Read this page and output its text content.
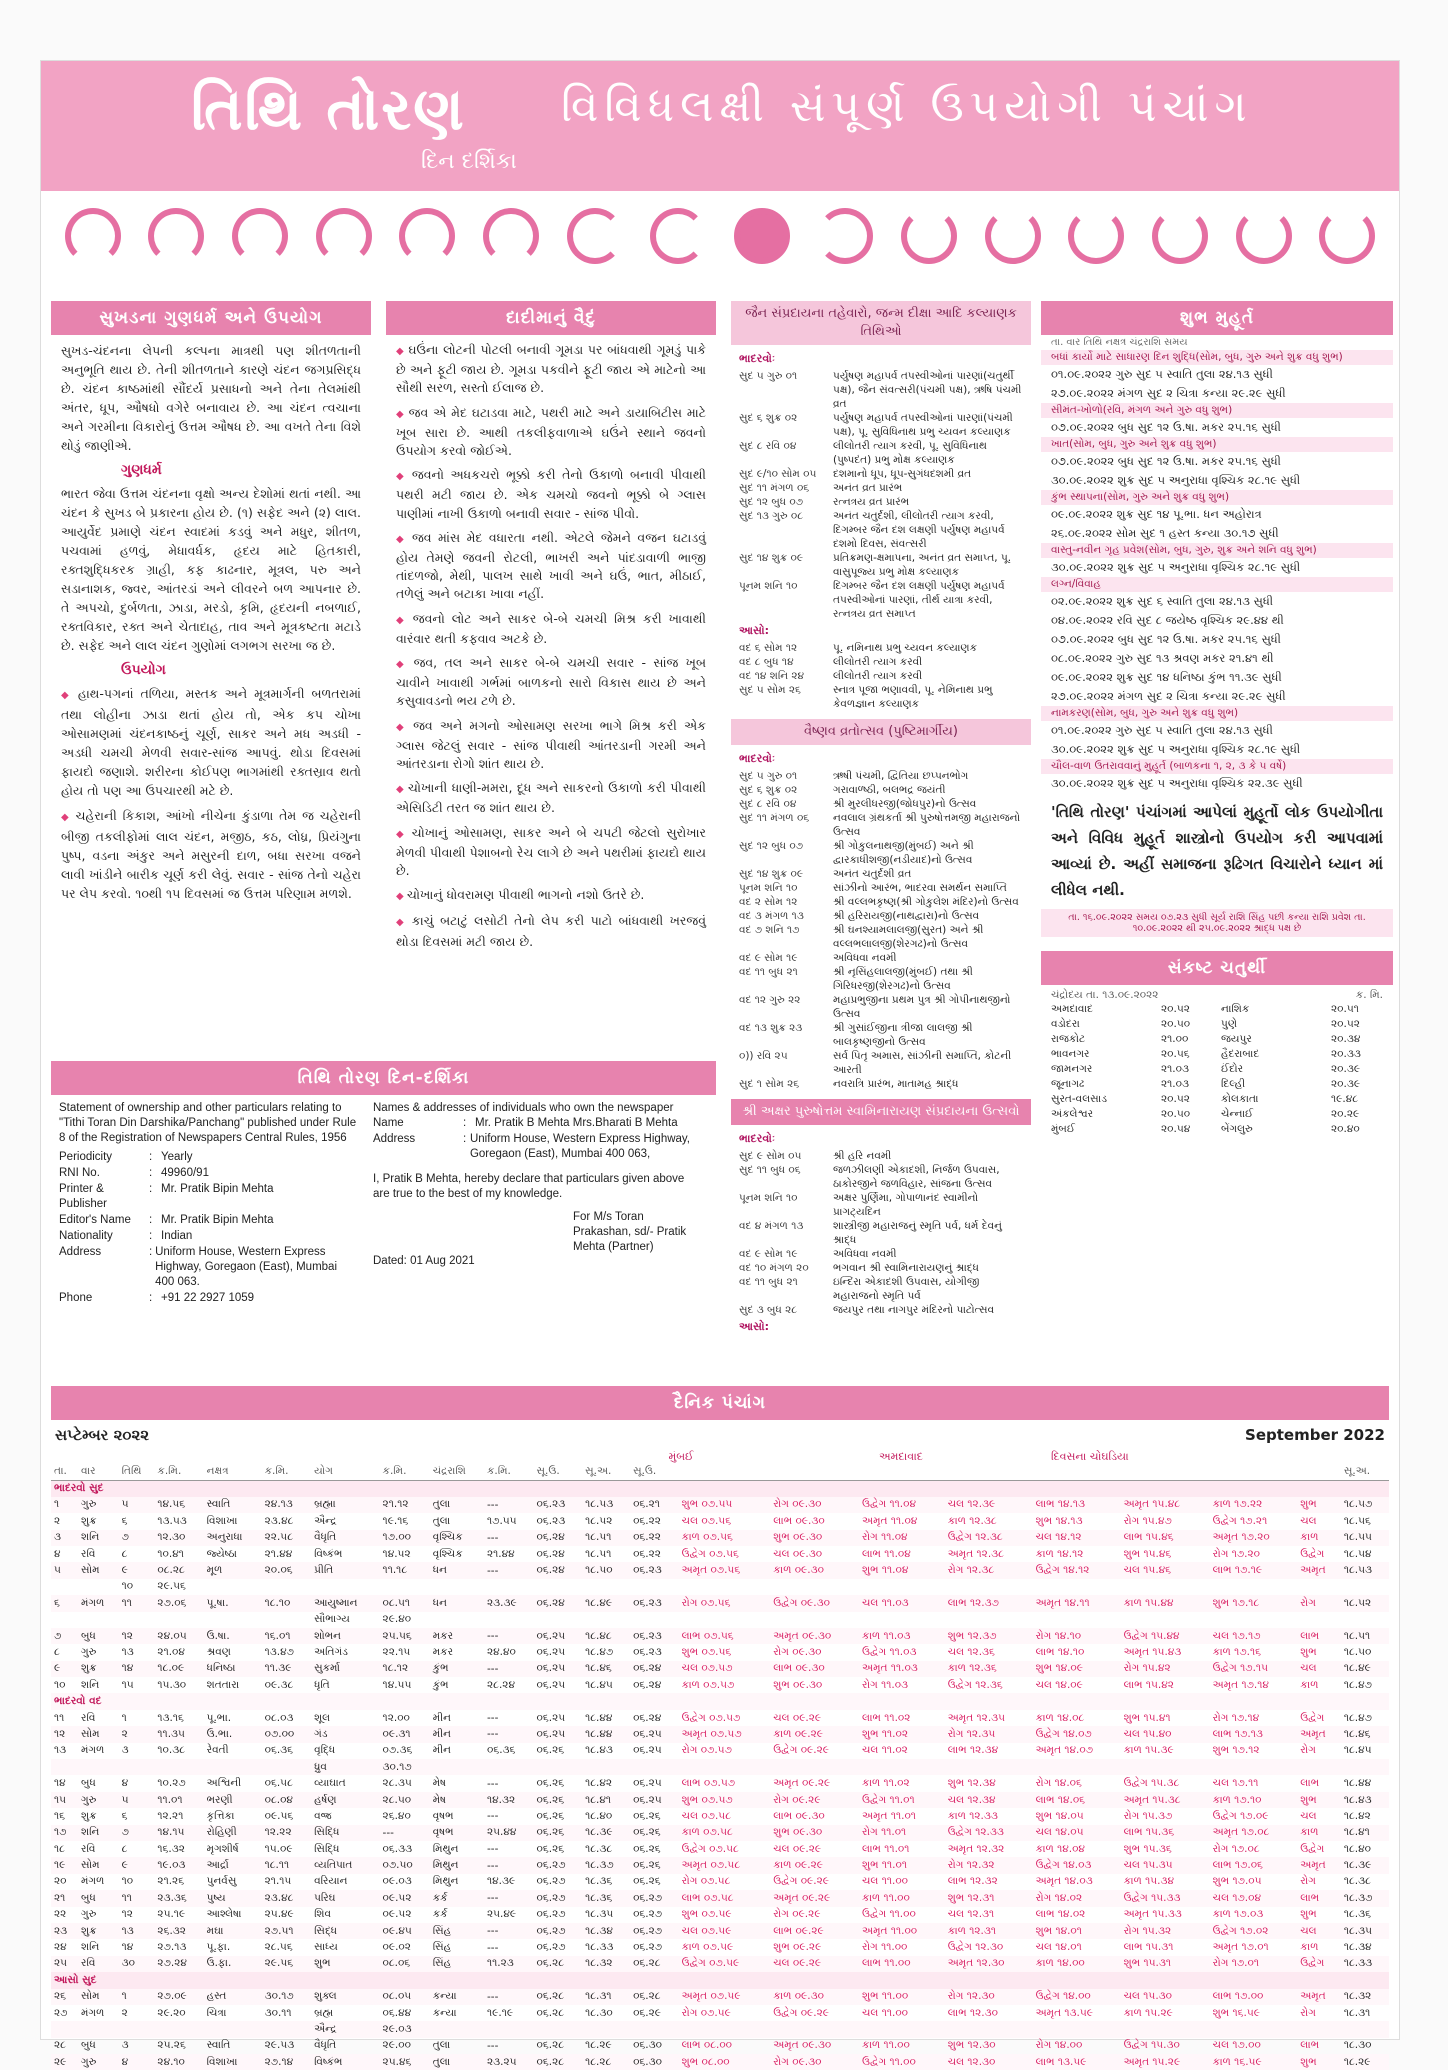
તિથિ તોરણ
દિન દર્શિકા
વિવિધલક્ષી સંપૂર્ણ ઉપયોગી પંચાંગ
સુખડના ગુણધર્મ અને ઉપયોગ

સુખડ-ચંદનના લેપની કલ્પના માત્રથી પણ શીતળતાની અનુભૂતિ થાય છે. તેની શીતળતાને કારણે ચંદન જગપ્રસિદ્ધ છે. ચંદન કાષ્ઠમાંથી સૌંદર્ય પ્રસાધનો અને તેના તેલમાંથી અંતર, ધૂપ, ઔષધો વગેરે બનાવાય છે. આ ચંદન ત્વચાના અને ગરમીના વિકારોનું ઉત્તમ ઔષધ છે. આ વખતે તેના વિશે થોડું જાણીએ.

ગુણધર્મ

ભારત જેવા ઉત્તમ ચંદનના વૃક્ષો અન્ય દેશોમાં થતાં નથી. આ ચંદન કે સુખડ બે પ્રકારના હોય છે. (૧) સફેદ અને (૨) લાલ. આયુર્વેદ પ્રમાણે ચંદન સ્વાદમાં કડવું અને મધુર, શીતળ, પચવામાં હળવું, મેધાવર્ધક, હૃદય માટે હિતકારી, રક્તશુદ્ધિકરક ગ્રાહી, કફ કાઢનાર, મૂત્રલ, પરુ અને સડાનાશક, જ્વર, આંતરડાં અને લીવરને બળ આપનાર છે. તે અપચો, દુર્બળતા, ઝાડા, મરડો, કૃમિ, હૃદયની નબળાઈ, રક્તવિકાર, રક્ત અને ચેતાદાહ, તાવ અને મૂત્રકષ્ટતા મટાડે છે. સફેદ અને લાલ ચંદન ગુણોમાં લગભગ સરખા જ છે.

ઉપયોગ

◆ હાથ-પગનાં તળિયા, મસ્તક અને મૂત્રમાર્ગની બળતરામાં તથા લોહીના ઝાડા થતાં હોય તો, એક કપ ચોખા ઓસામણમાં ચંદનકાષ્ઠનું ચૂર્ણ, સાકર અને મધ અડધી - અડધી ચમચી મેળવી સવાર-સાંજ આપવું. થોડા દિવસમાં ફાયદો જણાશે. શરીરના કોઈપણ ભાગમાંથી રક્તસ્રાવ થતો હોય તો પણ આ ઉપચારથી મટે છે.

◆ ચહેરાની કિકાશ, આંખો નીચેના કુંડાળા તેમ જ ચહેરાની બીજી તકલીફોમાં લાલ ચંદન, મજીઠ, કઠ, લોધ્ર, પ્રિયંગુના પુષ્પ, વડના અંકુર અને મસુરની દાળ, બધા સરખા વજને લાવી ખાંડીને બારીક ચૂર્ણ કરી લેવું. સવાર - સાંજ તેનો ચહેરા પર લેપ કરવો. ૧૦થી ૧૫ દિવસમાં જ ઉત્તમ પરિણામ મળશે.

દાદીમાનું વૈદું

◆ ઘઉંના લોટની પોટલી બનાવી ગૂમડા પર બાંધવાથી ગૂમડું પાકે છે અને ફૂટી જાય છે. ગૂમડા પકવીને ફૂટી જાય એ માટેનો આ સૌથી સરળ, સસ્તો ઈલાજ છે.

◆ જવ એ મેદ ઘટાડવા માટે, પથરી માટે અને ડાયાબિટીસ માટે ખૂબ સારા છે. આથી તકલીફવાળાએ ઘઉંને સ્થાને જવનો ઉપયોગ કરવો જોઈએ.

◆ જવનો અધકચરો ભૂક્કો કરી તેનો ઉકાળો બનાવી પીવાથી પથરી મટી જાય છે. એક ચમચો જવનો ભૂક્કો બે ગ્લાસ પાણીમાં નાખી ઉકાળો બનાવી સવાર - સાંજ પીવો.

◆ જવ માંસ મેદ વધારતા નથી. એટલે જેમને વજન ઘટાડવું હોય તેમણે જવની રોટલી, ભાખરી અને પાંદડાવાળી ભાજી તાંદળજો, મેથી, પાલખ સાથે ખાવી અને ઘઉં, ભાત, મીઠાઈ, તળેલું અને બટાકા ખાવા નહીં.

◆ જવનો લોટ અને સાકર બે-બે ચમચી મિશ્ર કરી ખાવાથી વારંવાર થતી કફવાવ અટકે છે.

◆ જવ, તલ અને સાકર બે-બે ચમચી સવાર - સાંજ ખૂબ ચાવીને ખાવાથી ગર્ભમાં બાળકનો સારો વિકાસ થાય છે અને કસુવાવડનો ભય ટળે છે.

◆ જવ અને મગનો ઓસામણ સરખા ભાગે મિશ્ર કરી એક ગ્લાસ જેટલું સવાર - સાંજ પીવાથી આંતરડાની ગરમી અને આંતરડાના રોગો શાંત થાય છે.

◆ ચોખાની ધાણી-મમરા, દૂધ અને સાકરનો ઉકાળો કરી પીવાથી એસિડિટી તરત જ શાંત થાય છે.

◆ ચોખાનું ઓસામણ, સાકર અને બે ચપટી જેટલો સુરોખાર મેળવી પીવાથી પેશાબનો રેચ લાગે છે અને પથરીમાં ફાયદો થાય છે.

◆ ચોખાનું ધોવરામણ પીવાથી ભાગનો નશો ઉતરે છે.

◆ કાચું બટાટું લસોટી તેનો લેપ કરી પાટો બાંધવાથી ખરજવું થોડા દિવસમાં મટી જાય છે.

તિથિ તોરણ દિન-દર્શિકા
Statement of ownership and other particulars relating to "Tithi Toran Din Darshika/Panchang" published under Rule 8 of the Registration of Newspapers Central Rules, 1956
Periodicity	: Yearly
RNI No.	: 49960/91
Printer & Publisher
: Mr. Pratik Bipin Mehta
Editor's Name	: Mr. Pratik Bipin Mehta
Nationality	: Indian
Address	: Uniform House, Western Express Highway, Goregaon (East), Mumbai 400 063.
Phone	: +91 22 2927 1059
Names & addresses of individuals who own the newspaper
Name	: Mr. Pratik B Mehta Mrs.Bharati B Mehta
Address	: Uniform House, Western Express Highway, Goregaon (East), Mumbai 400 063,
I, Pratik B Mehta, hereby declare that particulars given above are true to the best of my knowledge.
Dated: 01 Aug 2021
For M/s Toran Prakashan, sd/- Pratik Mehta (Partner)
જૈન સંપ્રદાયના તહેવારો, જન્મ દીક્ષા આદિ કલ્યાણક તિથિઓ
ભાદરવોઃ
સુદ ૫ ગુરુ ૦૧	પર્યુષણ મહાપર્વ તપસ્વીઓનાં પારણાં(ચતુર્થી પક્ષ), જૈન સંવત્સરી(પંચમી પક્ષ), ઋષિ પંચમી વ્રત
સુદ ૬ શુક્ર ૦૨	પર્યુષણ મહાપર્વ તપસ્વીઓનાં પારણાં(પંચમી પક્ષ), પૂ. સુવિધિનાથ પ્રભુ ચ્યવન કલ્યાણક
સુદ ૮ રવિ ૦૪	લીલોતરી ત્યાગ કરવી, પૂ. સુવિધિનાથ (પુષ્પદંત) પ્રભુ મોક્ષ કલ્યાણક
સુદ ૯/૧૦ સોમ ૦૫	દશમાનો ધૂપ, ધૂપ-સુગંધદશમી વ્રત
સુદ ૧૧ મંગળ ૦૬	અનંત વ્રત પ્રારંભ
સુદ ૧૨ બુધ ૦૭	રત્નત્રય વ્રત પ્રારંભ
સુદ ૧૩ ગુરુ ૦૮	અનંત ચતુર્દશી, લીલોતરી ત્યાગ કરવી, દિગમ્બર જૈન દશ લક્ષણી પર્યુષણ મહાપર્વ દશમો દિવસ, સંવત્સરી
સુદ ૧૪ શુક્ર ૦૯	પ્રતિક્રમણ-ક્ષમાપના, અનંત વ્રત સમાપ્ત, પૂ. વાસુપૂજ્ય પ્રભુ મોક્ષ કલ્યાણક
પૂનમ શનિ ૧૦	દિગમ્બર જૈન દશ લક્ષણી પર્યુષણ મહાપર્વ તપસ્વીઓનાં પારણાં, તીર્થ યાત્રા કરવી, રત્નત્રય વ્રત સમાપ્ત
આસો:
વદ ૬ સોમ ૧૨	પૂ. નમિનાથ પ્રભુ ચ્યવન કલ્યાણક
વદ ૮ બુધ ૧૪	લીલોતરી ત્યાગ કરવી
વદ ૧૪ શનિ ૨૪	લીલોતરી ત્યાગ કરવી
સુદ ૫ સોમ ૨૬	સ્નાત્ર પૂજા ભણાવવી, પૂ. નેમિનાથ પ્રભુ કેવળજ્ઞાન કલ્યાણક
વૈષ્ણવ વ્રતોત્સવ (પુષ્ટિમાર્ગીય)
ભાદરવોઃ
સુદ ૫ ગુરુ ૦૧	ઋષી પંચમી, દ્વિતિયા છપ્પનભોગ
સુદ ૬ શુક્ર ૦૨	ગરાવાળ્ષ્ઠી, બલભદ્ર જયંતી
સુદ ૮ રવિ ૦૪	શ્રી મુરલીધરજી(જોધપુર)નો ઉત્સવ
સુદ ૧૧ મંગળ ૦૬	નવલાલ ગ્રંથકર્તા શ્રી પુરુષોત્તમજી મહારાજનો ઉત્સવ
સુદ ૧૨ બુધ ૦૭	શ્રી ગોકુલનાથજી(મુંબઈ) અને શ્રી દ્વારકાધીશજી(નડીયાદ)નો ઉત્સવ
સુદ ૧૪ શુક્ર ૦૯	અનંત ચતુર્દશી વ્રત
પૂનમ શનિ ૧૦	સાંઝીનો આરંભ, ભાદરવા સમર્થન સમાપ્તિ
વદ ૨ સોમ ૧૨	શ્રી વલ્લભકૃષ્ણ(શ્રી ગોકુલેશ મંદિર)નો ઉત્સવ
વદ ૩ મંગળ ૧૩	શ્રી હરિરાયજી(નાથદ્વારા)નો ઉત્સવ
વદ ૭ શનિ ૧૭	શ્રી ઘનશ્યામલાલજી(સુરત) અને શ્રી વલ્લભલાલજી(શેરગઢ)નો ઉત્સવ
વદ ૯ સોમ ૧૯	અવિધવા નવમી
વદ ૧૧ બુધ ૨૧	શ્રી નૃસિંહલાલજી(મુંબઈ) તથા શ્રી ગિરિધરજી(શેરગઢ)નો ઉત્સવ
વદ ૧૨ ગુરુ ૨૨	મહાપ્રભુજીના પ્રથમ પુત્ર શ્રી ગોપીનાથજીનો ઉત્સવ
વદ ૧૩ શુક્ર ૨૩	શ્રી ગુસાંઈજીના ત્રીજા લાલજી શ્રી બાલકૃષ્ણજીનો ઉત્સવ
૦)) રવિ ૨૫	સર્વ પિતૃ અમાસ, સાંઝીની સમાપ્તિ, કોટની આરતી
સુદ ૧ સોમ ૨૬	નવરાત્રિ પ્રારંભ, માતામહ શ્રાદ્ધ
શ્રી અક્ષર પુરુષોત્તમ સ્વામિનારાયણ સંપ્રદાયના ઉત્સવો
ભાદરવોઃ
સુદ ૯ સોમ ૦૫	શ્રી હરિ નવમી
સુદ ૧૧ બુધ ૦૬	જળઝીલણી એકાદશી, નિર્જળ ઉપવાસ, ઠાકોરજીને જળવિહાર, સાંજના ઉત્સવ
પૂનમ શનિ ૧૦	અક્ષર પુર્ણિમા, ગોપાળાનંદ સ્વામીનો પ્રાગટ્યદિન
વદ ૪ મંગળ ૧૩	શાસ્ત્રીજી મહારાજનું સ્મૃતિ પર્વ, ધર્મ દેવનું શ્રાદ્ધ
વદ ૯ સોમ ૧૯	અવિધવા નવમી
વદ ૧૦ મંગળ ૨૦	ભગવાન શ્રી સ્વામિનારાયણનું શ્રાદ્ધ
વદ ૧૧ બુધ ૨૧	ઇન્દિરા એકાદશી ઉપવાસ, યોગીજી મહારાજનો સ્મૃતિ પર્વ
સુદ ૩ બુધ ૨૮	જયપુર તથા નાગપુર મંદિરનો પાટોત્સવ
આસો:
શુભ મુહૂર્ત
તા. વાર તિથિ નક્ષત્ર ચંદ્રરાશિ સમય
બધાં કાર્યો માટે સાધારણ દિન શુદ્ધિ(સોમ, બુધ, ગુરુ અને શુક્ર વધુ શુભ)
૦૧.૦૯.૨૦૨૨ ગુરુ સુદ ૫ સ્વાતિ તુલા ૨૪.૧૩ સુધી
૨૭.૦૯.૨૦૨૨ મંગળ સુદ ૨ ચિત્રા કન્યા ૨૯.૨૯ સુધી
સીમંત-ખોળો(રવિ, મંગળ અને ગુરુ વધુ શુભ)
૦૭.૦૯.૨૦૨૨ બુધ સુદ ૧૨ ઉ.ષા. મકર ૨૫.૧૬ સુધી
ખાત(સોમ, બુધ, ગુરુ અને શુક્ર વધુ શુભ)
૦૭.૦૯.૨૦૨૨ બુધ સુદ ૧૨ ઉ.ષા. મકર ૨૫.૧૬ સુધી
૩૦.૦૯.૨૦૨૨ શુક્ર સુદ ૫ અનુરાધા વૃશ્ચિક ૨૮.૧૯ સુધી
કુંભ સ્થાપના(સોમ, ગુરુ અને શુક્ર વધુ શુભ)
૦૯.૦૯.૨૦૨૨ શુક્ર સુદ ૧૪ પૂ.ભા. ધન અહોરાત્ર
૨૬.૦૯.૨૦૨૨ સોમ સુદ ૧ હસ્ત કન્યા ૩૦.૧૭ સુધી
વાસ્તુ-નવીન ગૃહ પ્રવેશ(સોમ, બુધ, ગુરુ, શુક્ર અને શનિ વધુ શુભ)
૩૦.૦૯.૨૦૨૨ શુક્ર સુદ ૫ અનુરાધા વૃશ્ચિક ૨૮.૧૯ સુધી
લગ્ન/વિવાહ
૦૨.૦૯.૨૦૨૨ શુક્ર સુદ ૬ સ્વાતિ તુલા ૨૪.૧૩ સુધી
૦૪.૦૯.૨૦૨૨ રવિ સુદ ૮ જયેષ્ઠ વૃશ્ચિક ૨૯.૪૪ થી
૦૭.૦૯.૨૦૨૨ બુધ સુદ ૧૨ ઉ.ષા. મકર ૨૫.૧૬ સુધી
૦૮.૦૯.૨૦૨૨ ગુરુ સુદ ૧૩ શ્રવણ મકર ૨૧.૪૧ થી
૦૯.૦૯.૨૦૨૨ શુક્ર સુદ ૧૪ ધનિષ્ઠા કુંભ ૧૧.૩૯ સુધી
૨૭.૦૯.૨૦૨૨ મંગળ સુદ ૨ ચિત્રા કન્યા ૨૯.૨૯ સુધી
નામકરણ(સોમ, બુધ, ગુરુ અને શુક્ર વધુ શુભ)
૦૧.૦૯.૨૦૨૨ ગુરુ સુદ ૫ સ્વાતિ તુલા ૨૪.૧૩ સુધી
૩૦.૦૯.૨૦૨૨ શુક્ર સુદ ૫ અનુરાધા વૃશ્ચિક ૨૮.૧૯ સુધી
ચૌલ-વાળ ઉતરાવવાનું મુહૂર્ત (બાળકના ૧, ૨, ૩ કે ૫ વર્ષે)
૩૦.૦૯.૨૦૨૨ શુક્ર સુદ ૫ અનુરાધા વૃશ્ચિક ૨૨.૩૯ સુધી
'તિથિ તોરણ' પંચાંગમાં આપેલાં મુહૂર્તો લોક ઉપયોગીતા અને વિવિધ મુહૂર્ત શાસ્ત્રોનો ઉપયોગ કરી આપવામાં આવ્યાં છે. અહીં સમાજના રૂઢિગત વિચારોને ધ્યાન માં લીધેલ નથી.
તા. ૧૬.૦૯.૨૦૨૨ સમય ૦૭.૨૩ સુધી સૂર્ય રાશિ સિંહ પછી કન્યા રાશિ પ્રવેશ તા. ૧૦.૦૯.૨૦૨૨ થી ૨૫.૦૯.૨૦૨૨ શ્રાદ્ધ પક્ષ છે
સંકષ્ટ ચતુર્થી
ચંદ્રોદય તા. ૧૩.૦૯.૨૦૨૨	ક. મિ.
અમદાવાદ	૨૦.૫૨	નાશિક	૨૦.૫૧
વડોદરા	૨૦.૫૦	પુણે	૨૦.૫૨
રાજકોટ	૨૧.૦૦	જયપુર	૨૦.૩૪
ભાવનગર	૨૦.૫૬	હૈદરાબાદ	૨૦.૩૩
જામનગર	૨૧.૦૩	ઈંદોર	૨૦.૩૯
જૂનાગઢ	૨૧.૦૩	દિલ્હી	૨૦.૩૯
સુરત-વલસાડ	૨૦.૫૨	કોલકાતા	૧૯.૪૮
અંકલેશ્વર	૨૦.૫૦	ચેન્નાઈ	૨૦.૨૯
મુંબઈ	૨૦.૫૪	બેંગલુરુ	૨૦.૪૦
દૈનિક પંચાંગ
સપ્ટેમ્બર ૨૦૨૨	September 2022
મુંબઈ	અમદાવાદ	દિવસના ચોઘડિયા
તા.	વાર	તિથિ	ક.મિ.	નક્ષત્ર	ક.મિ.	યોગ	ક.મિ.	ચંદ્રરાશિ	ક.મિ.	સૂ.ઉ.	સૂ.અ.	સૂ.ઉ.									સૂ.અ.
ભાદરવો સુદ																					
૧	ગુરુ	૫	૧૪.૫૬	સ્વાતિ	૨૪.૧૩	બ્રહ્મા	૨૧.૧૨	તુલા	---	૦૬.૨૩	૧૮.૫૩	૦૬.૨૧	શુભ ૦૭.૫૫	રોગ ૦૯.૩૦	ઉદ્વેગ ૧૧.૦૪	ચલ ૧૨.૩૯	લાભ ૧૪.૧૩	અમૃત ૧૫.૪૮	કાળ ૧૭.૨૨	શુભ	૧૮.૫૭
૨	શુક્ર	૬	૧૩.૫૩	વિશાખા	૨૩.૪૮	ઐન્દ્ર	૧૯.૧૬	તુલા	૧૭.૫૫	૦૬.૨૩	૧૮.૫૨	૦૬.૨૨	ચલ ૦૭.૫૬	લાભ ૦૯.૩૦	અમૃત ૧૧.૦૪	કાળ ૧૨.૩૮	શુભ ૧૪.૧૩	રોગ ૧૫.૪૭	ઉદ્વેગ ૧૭.૨૧	ચલ	૧૮.૫૬
૩	શનિ	૭	૧૨.૩૦	અનુરાધા	૨૨.૫૮	વૈધૃતિ	૧૭.૦૦	વૃશ્ચિક	---	૦૬.૨૪	૧૮.૫૧	૦૬.૨૨	કાળ ૦૭.૫૬	શુભ ૦૯.૩૦	રોગ ૧૧.૦૪	ઉદ્વેગ ૧૨.૩૮	ચલ ૧૪.૧૨	લાભ ૧૫.૪૬	અમૃત ૧૭.૨૦	કાળ	૧૮.૫૫
૪	રવિ	૮	૧૦.૪૧	જ્યેષ્ઠા	૨૧.૪૪	વિષ્કંભ	૧૪.૫૨	વૃશ્ચિક	૨૧.૪૪	૦૬.૨૪	૧૮.૫૧	૦૬.૨૨	ઉદ્વેગ ૦૭.૫૬	ચલ ૦૯.૩૦	લાભ ૧૧.૦૪	અમૃત ૧૨.૩૮	કાળ ૧૪.૧૨	શુભ ૧૫.૪૬	રોગ ૧૭.૨૦	ઉદ્વેગ	૧૮.૫૪
૫	સોમ	૯	૦૮.૨૮	મૂળ	૨૦.૦૬	પ્રીતિ	૧૧.૧૮	ધન	---	૦૬.૨૪	૧૮.૫૦	૦૬.૨૩	અમૃત ૦૭.૫૬	કાળ ૦૯.૩૦	શુભ ૧૧.૦૪	રોગ ૧૨.૩૮	ઉદ્વેગ ૧૪.૧૨	ચલ ૧૫.૪૬	લાભ ૧૭.૧૯	અમૃત	૧૮.૫૩
		૧૦	૨૯.૫૬																		
૬	મંગળ	૧૧	૨૭.૦૬	પૂ.ષા.	૧૮.૧૦	આયુષ્માન	૦૮.૫૧	ધન	૨૩.૩૯	૦૬.૨૪	૧૮.૪૯	૦૬.૨૩	રોગ ૦૭.૫૬	ઉદ્વેગ ૦૯.૩૦	ચલ ૧૧.૦૩	લાભ ૧૨.૩૭	અમૃત ૧૪.૧૧	કાળ ૧૫.૪૪	શુભ ૧૭.૧૮	રોગ	૧૮.૫૨
						સૌભાગ્ય	૨૯.૪૦														
૭	બુધ	૧૨	૨૪.૦૫	ઉ.ષા.	૧૬.૦૧	શોભન	૨૫.૫૬	મકર	---	૦૬.૨૫	૧૮.૪૮	૦૬.૨૩	લાભ ૦૭.૫૬	અમૃત ૦૯.૩૦	કાળ ૧૧.૦૩	શુભ ૧૨.૩૭	રોગ ૧૪.૧૦	ઉદ્વેગ ૧૫.૪૪	ચલ ૧૭.૧૭	લાભ	૧૮.૫૧
૮	ગુરુ	૧૩	૨૧.૦૪	શ્રવણ	૧૩.૪૭	અતિગંડ	૨૨.૧૫	મકર	૨૪.૪૦	૦૬.૨૫	૧૮.૪૭	૦૬.૨૩	શુભ ૦૭.૫૬	રોગ ૦૯.૩૦	ઉદ્વેગ ૧૧.૦૩	ચલ ૧૨.૩૬	લાભ ૧૪.૧૦	અમૃત ૧૫.૪૩	કાળ ૧૭.૧૬	શુભ	૧૮.૫૦
૯	શુક્ર	૧૪	૧૮.૦૯	ધનિષ્ઠા	૧૧.૩૯	સુકર્મા	૧૮.૧૨	કુંભ	---	૦૬.૨૫	૧૮.૪૬	૦૬.૨૪	ચલ ૦૭.૫૭	લાભ ૦૯.૩૦	અમૃત ૧૧.૦૩	કાળ ૧૨.૩૬	શુભ ૧૪.૦૯	રોગ ૧૫.૪૨	ઉદ્વેગ ૧૭.૧૫	ચલ	૧૮.૪૯
૧૦	શનિ	૧૫	૧૫.૩૦	શતતારા	૦૯.૩૮	ધૃતિ	૧૪.૫૫	કુંભ	૨૮.૨૪	૦૬.૨૫	૧૮.૪૫	૦૬.૨૪	કાળ ૦૭.૫૭	શુભ ૦૯.૩૦	રોગ ૧૧.૦૩	ઉદ્વેગ ૧૨.૩૬	ચલ ૧૪.૦૯	લાભ ૧૫.૪૨	અમૃત ૧૭.૧૪	કાળ	૧૮.૪૭
ભાદરવો વદ																					
૧૧	રવિ	૧	૧૩.૧૬	પૂ.ભા.	૦૮.૦૩	શૂલ	૧૨.૦૦	મીન	---	૦૬.૨૫	૧૮.૪૪	૦૬.૨૪	ઉદ્વેગ ૦૭.૫૭	ચલ ૦૯.૨૯	લાભ ૧૧.૦૨	અમૃત ૧૨.૩૫	કાળ ૧૪.૦૮	શુભ ૧૫.૪૧	રોગ ૧૭.૧૪	ઉદ્વેગ	૧૮.૪૭
૧૨	સોમ	૨	૧૧.૩૫	ઉ.ભા.	૦૭.૦૦	ગંડ	૦૯.૩૧	મીન	---	૦૬.૨૫	૧૮.૪૪	૦૬.૨૫	અમૃત ૦૭.૫૭	કાળ ૦૯.૨૯	શુભ ૧૧.૦૨	રોગ ૧૨.૩૫	ઉદ્વેગ ૧૪.૦૭	ચલ ૧૫.૪૦	લાભ ૧૭.૧૩	અમૃત	૧૮.૪૬
૧૩	મંગળ	૩	૧૦.૩૮	રેવતી	૦૬.૩૬	વૃદ્ધિ	૦૭.૩૬	મીન	૦૬.૩૬	૦૬.૨૬	૧૮.૪૩	૦૬.૨૫	રોગ ૦૭.૫૭	ઉદ્વેગ ૦૯.૨૯	ચલ ૧૧.૦૨	લાભ ૧૨.૩૪	અમૃત ૧૪.૦૭	કાળ ૧૫.૩૯	શુભ ૧૭.૧૨	રોગ	૧૮.૪૫
						ધ્રુવ	૩૦.૧૭														
૧૪	બુધ	૪	૧૦.૨૭	અશ્વિની	૦૬.૫૮	વ્યાઘાત	૨૮.૩૫	મેષ	---	૦૬.૨૬	૧૮.૪૨	૦૬.૨૫	લાભ ૦૭.૫૭	અમૃત ૦૯.૨૯	કાળ ૧૧.૦૨	શુભ ૧૨.૩૪	રોગ ૧૪.૦૬	ઉદ્વેગ ૧૫.૩૮	ચલ ૧૭.૧૧	લાભ	૧૮.૪૪
૧૫	ગુરુ	૫	૧૧.૦૧	ભરણી	૦૮.૦૪	હર્ષણ	૨૮.૫૦	મેષ	૧૪.૩૨	૦૬.૨૬	૧૮.૪૧	૦૬.૨૫	શુભ ૦૭.૫૭	રોગ ૦૯.૨૯	ઉદ્વેગ ૧૧.૦૧	ચલ ૧૨.૩૪	લાભ ૧૪.૦૬	અમૃત ૧૫.૩૮	કાળ ૧૭.૧૦	શુભ	૧૮.૪૩
૧૬	શુક્ર	૬	૧૨.૨૧	કૃત્તિકા	૦૯.૫૬	વજ્ર	૨૬.૪૦	વૃષભ	---	૦૬.૨૬	૧૮.૪૦	૦૬.૨૬	ચલ ૦૭.૫૮	લાભ ૦૯.૩૦	અમૃત ૧૧.૦૧	કાળ ૧૨.૩૩	શુભ ૧૪.૦૫	રોગ ૧૫.૩૭	ઉદ્વેગ ૧૭.૦૯	ચલ	૧૮.૪૨
૧૭	શનિ	૭	૧૪.૧૫	રોહિણી	૧૨.૨૨	સિદ્ધિ	---	વૃષભ	૨૫.૪૪	૦૬.૨૬	૧૮.૩૯	૦૬.૨૬	કાળ ૦૭.૫૮	શુભ ૦૯.૩૦	રોગ ૧૧.૦૧	ઉદ્વેગ ૧૨.૩૩	ચલ ૧૪.૦૫	લાભ ૧૫.૩૬	અમૃત ૧૭.૦૮	કાળ	૧૮.૪૧
૧૮	રવિ	૮	૧૬.૩૨	મૃગશીર્ષ	૧૫.૦૯	સિદ્ધિ	૦૬.૩૩	મિથુન	---	૦૬.૨૬	૧૮.૩૮	૦૬.૨૬	ઉદ્વેગ ૦૭.૫૮	ચલ ૦૯.૨૯	લાભ ૧૧.૦૧	અમૃત ૧૨.૩૨	કાળ ૧૪.૦૪	શુભ ૧૫.૩૬	રોગ ૧૭.૦૮	ઉદ્વેગ	૧૮.૪૦
૧૯	સોમ	૯	૧૯.૦૩	આર્દ્રા	૧૮.૧૧	વ્યતિપાત	૦૭.૫૦	મિથુન	---	૦૬.૨૭	૧૮.૩૭	૦૬.૨૬	અમૃત ૦૭.૫૮	કાળ ૦૯.૨૯	શુભ ૧૧.૦૧	રોગ ૧૨.૩૨	ઉદ્વેગ ૧૪.૦૩	ચલ ૧૫.૩૫	લાભ ૧૭.૦૬	અમૃત	૧૮.૩૯
૨૦	મંગળ	૧૦	૨૧.૨૬	પુનર્વસુ	૨૧.૧૫	વરિયાન	૦૯.૦૩	મિથુન	૧૪.૩૯	૦૬.૨૭	૧૮.૩૬	૦૬.૨૬	રોગ ૦૭.૫૮	ઉદ્વેગ ૦૯.૨૯	ચલ ૧૧.૦૦	લાભ ૧૨.૩૨	અમૃત ૧૪.૦૩	કાળ ૧૫.૩૪	શુભ ૧૭.૦૫	રોગ	૧૮.૩૮
૨૧	બુધ	૧૧	૨૩.૩૬	પુષ્ય	૨૩.૪૮	પરિઘ	૦૯.૫૨	કર્ક	---	૦૬.૨૭	૧૮.૩૬	૦૬.૨૭	લાભ ૦૭.૫૮	અમૃત ૦૯.૨૯	કાળ ૧૧.૦૦	શુભ ૧૨.૩૧	રોગ ૧૪.૦૨	ઉદ્વેગ ૧૫.૩૩	ચલ ૧૭.૦૪	લાભ	૧૮.૩૭
૨૨	ગુરુ	૧૨	૨૫.૧૯	આશ્લેષા	૨૫.૪૯	શિવ	૦૯.૫૨	કર્ક	૨૫.૪૯	૦૬.૨૭	૧૮.૩૫	૦૬.૨૭	શુભ ૦૭.૫૯	રોગ ૦૯.૨૯	ઉદ્વેગ ૧૧.૦૦	ચલ ૧૨.૩૧	લાભ ૧૪.૦૨	અમૃત ૧૫.૩૩	કાળ ૧૭.૦૩	શુભ	૧૮.૩૬
૨૩	શુક્ર	૧૩	૨૬.૩૨	મઘા	૨૭.૫૧	સિદ્ધ	૦૯.૪૫	સિંહ	---	૦૬.૨૭	૧૮.૩૪	૦૬.૨૭	ચલ ૦૭.૫૯	લાભ ૦૯.૨૯	અમૃત ૧૧.૦૦	કાળ ૧૨.૩૧	શુભ ૧૪.૦૧	રોગ ૧૫.૩૨	ઉદ્વેગ ૧૭.૦૨	ચલ	૧૮.૩૫
૨૪	શનિ	૧૪	૨૭.૧૩	પૂ.ફા.	૨૮.૫૬	સાધ્ય	૦૯.૦૨	સિંહ	---	૦૬.૨૭	૧૮.૩૩	૦૬.૨૭	કાળ ૦૭.૫૯	શુભ ૦૯.૨૯	રોગ ૧૧.૦૦	ઉદ્વેગ ૧૨.૩૦	ચલ ૧૪.૦૧	લાભ ૧૫.૩૧	અમૃત ૧૭.૦૧	કાળ	૧૮.૩૪
૨૫	રવિ	૩૦	૨૭.૨૪	ઉ.ફા.	૨૯.૫૬	શુભ	૦૮.૦૬	સિંહ	૧૧.૨૩	૦૬.૨૮	૧૮.૩૨	૦૬.૨૮	ઉદ્વેગ ૦૭.૫૯	ચલ ૦૯.૨૯	લાભ ૧૧.૦૦	અમૃત ૧૨.૩૦	કાળ ૧૪.૦૦	શુભ ૧૫.૩૧	રોગ ૧૭.૦૧	ઉદ્વેગ	૧૮.૩૩
આસો સુદ																					
૨૬	સોમ	૧	૨૭.૦૯	હસ્ત	૩૦.૧૭	શુક્લ	૦૮.૦૫	કન્યા	---	૦૬.૨૮	૧૮.૩૧	૦૬.૨૮	અમૃત ૦૭.૫૯	કાળ ૦૯.૩૦	શુભ ૧૧.૦૦	રોગ ૧૨.૩૦	ઉદ્વેગ ૧૪.૦૦	ચલ ૧૫.૩૦	લાભ ૧૭.૦૦	અમૃત	૧૮.૩૨
૨૭	મંગળ	૨	૨૯.૨૦	ચિત્રા	૩૦.૧૧	બ્રહ્મ	૦૬.૪૪	કન્યા	૧૯.૧૯	૦૬.૨૮	૧૮.૩૦	૦૬.૨૯	રોગ ૦૭.૫૯	ઉદ્વેગ ૦૯.૨૯	ચલ ૧૧.૦૦	લાભ ૧૨.૩૦	અમૃત ૧૩.૫૯	કાળ ૧૫.૨૯	શુભ ૧૬.૫૯	રોગ	૧૮.૩૧
						ઐન્દ્ર	૨૯.૦૩														
૨૮	બુધ	૩	૨૫.૨૬	સ્વાતિ	૨૯.૫૩	વૈધૃતિ	૨૯.૦૦	તુલા	---	૦૬.૨૮	૧૮.૨૯	૦૬.૩૦	લાભ ૦૮.૦૦	અમૃત ૦૯.૩૦	કાળ ૧૧.૦૦	શુભ ૧૨.૩૦	રોગ ૧૪.૦૦	ઉદ્વેગ ૧૫.૩૦	ચલ ૧૭.૦૦	લાભ	૧૮.૩૦
૨૯	ગુરુ	૪	૨૪.૧૦	વિશાખા	૨૭.૧૪	વિષ્કંભ	૨૫.૪૬	તુલા	૨૩.૨૫	૦૬.૨૮	૧૮.૨૮	૦૬.૩૦	શુભ ૦૮.૦૦	રોગ ૦૯.૩૦	ઉદ્વેગ ૧૧.૦૦	ચલ ૧૨.૩૦	લાભ ૧૩.૫૯	અમૃત ૧૫.૨૯	કાળ ૧૬.૫૯	શુભ	૧૮.૨૯
